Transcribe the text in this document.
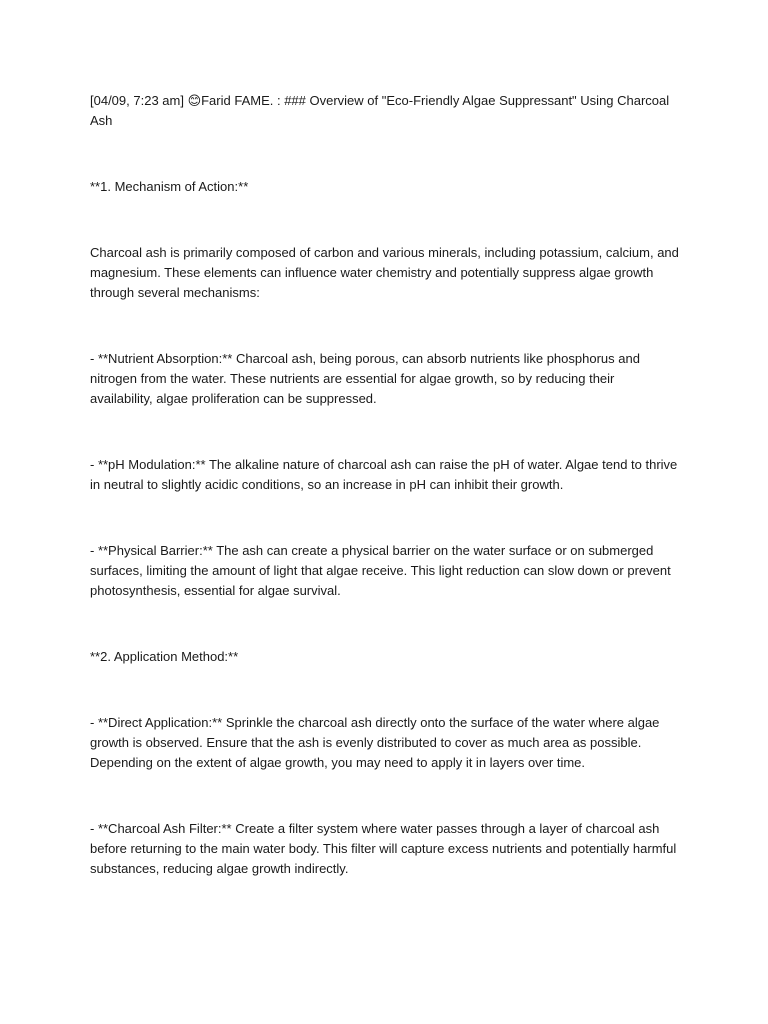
[04/09, 7:23 am] 😊Farid⁠ FAME⁠.⁠ : ### Overview of "Eco-Friendly Algae Suppressant" Using Charcoal Ash

**1. Mechanism of Action:**

Charcoal ash is primarily composed of carbon and various minerals, including potassium, calcium, and magnesium. These elements can influence water chemistry and potentially suppress algae growth through several mechanisms:

- **Nutrient Absorption:** Charcoal ash, being porous, can absorb nutrients like phosphorus and nitrogen from the water. These nutrients are essential for algae growth, so by reducing their availability, algae proliferation can be suppressed.

- **pH Modulation:** The alkaline nature of charcoal ash can raise the pH of water. Algae tend to thrive in neutral to slightly acidic conditions, so an increase in pH can inhibit their growth.

- **Physical Barrier:** The ash can create a physical barrier on the water surface or on submerged surfaces, limiting the amount of light that algae receive. This light reduction can slow down or prevent photosynthesis, essential for algae survival.

**2. Application Method:**

- **Direct Application:** Sprinkle the charcoal ash directly onto the surface of the water where algae growth is observed. Ensure that the ash is evenly distributed to cover as much area as possible. Depending on the extent of algae growth, you may need to apply it in layers over time.

- **Charcoal Ash Filter:** Create a filter system where water passes through a layer of charcoal ash before returning to the main water body. This filter will capture excess nutrients and potentially harmful substances, reducing algae growth indirectly.
